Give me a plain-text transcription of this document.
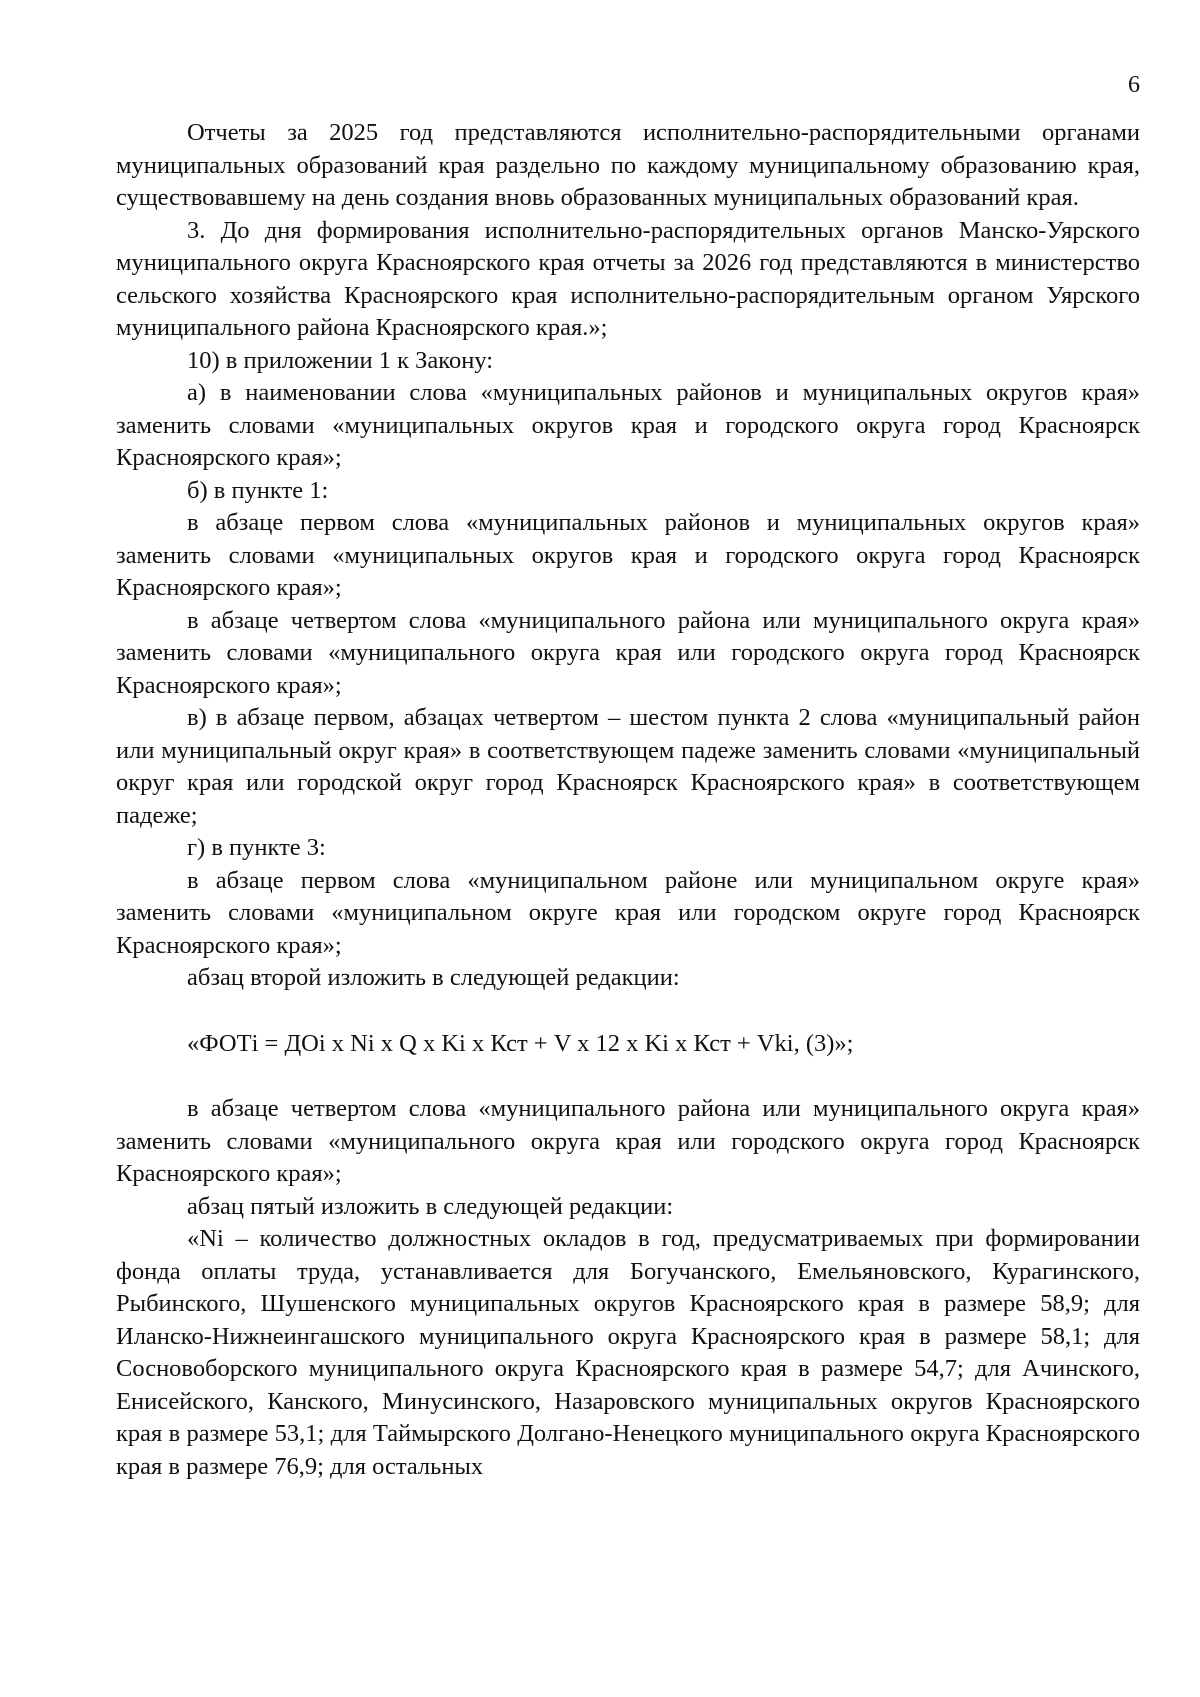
6

Отчеты за 2025 год представляются исполнительно-распорядительными органами муниципальных образований края раздельно по каждому муниципальному образованию края, существовавшему на день создания вновь образованных муниципальных образований края.

3. До дня формирования исполнительно-распорядительных органов Манско-Уярского муниципального округа Красноярского края отчеты за 2026 год представляются в министерство сельского хозяйства Красноярского края исполнительно-распорядительным органом Уярского муниципального района Красноярского края.»;

10) в приложении 1 к Закону:

а) в наименовании слова «муниципальных районов и муниципальных округов края» заменить словами «муниципальных округов края и городского округа город Красноярск Красноярского края»;

б) в пункте 1:

в абзаце первом слова «муниципальных районов и муниципальных округов края» заменить словами «муниципальных округов края и городского округа город Красноярск Красноярского края»;

в абзаце четвертом слова «муниципального района или муниципального округа края» заменить словами «муниципального округа края или городского округа город Красноярск Красноярского края»;

в) в абзаце первом, абзацах четвертом – шестом пункта 2 слова «муниципальный район или муниципальный округ края» в соответствующем падеже заменить словами «муниципальный округ края или городской округ город Красноярск Красноярского края» в соответствующем падеже;

г) в пункте 3:

в абзаце первом слова «муниципальном районе или муниципальном округе края» заменить словами «муниципальном округе края или городском округе город Красноярск Красноярского края»;

абзац второй изложить в следующей редакции:

«ФОТi = ДОi x Ni x Q x Ki x Кст + V x 12 x Ki x Кст + Vki, (3)»;

в абзаце четвертом слова «муниципального района или муниципального округа края» заменить словами «муниципального округа края или городского округа город Красноярск Красноярского края»;

абзац пятый изложить в следующей редакции:

«Ni – количество должностных окладов в год, предусматриваемых при формировании фонда оплаты труда, устанавливается для Богучанского, Емельяновского, Курагинского, Рыбинского, Шушенского муниципальных округов Красноярского края в размере 58,9; для Иланско-Нижнеингашского муниципального округа Красноярского края в размере 58,1; для Сосновоборского муниципального округа Красноярского края в размере 54,7; для Ачинского, Енисейского, Канского, Минусинского, Назаровского муниципальных округов Красноярского края в размере 53,1; для Таймырского Долгано-Ненецкого муниципального округа Красноярского края в размере 76,9; для остальных
